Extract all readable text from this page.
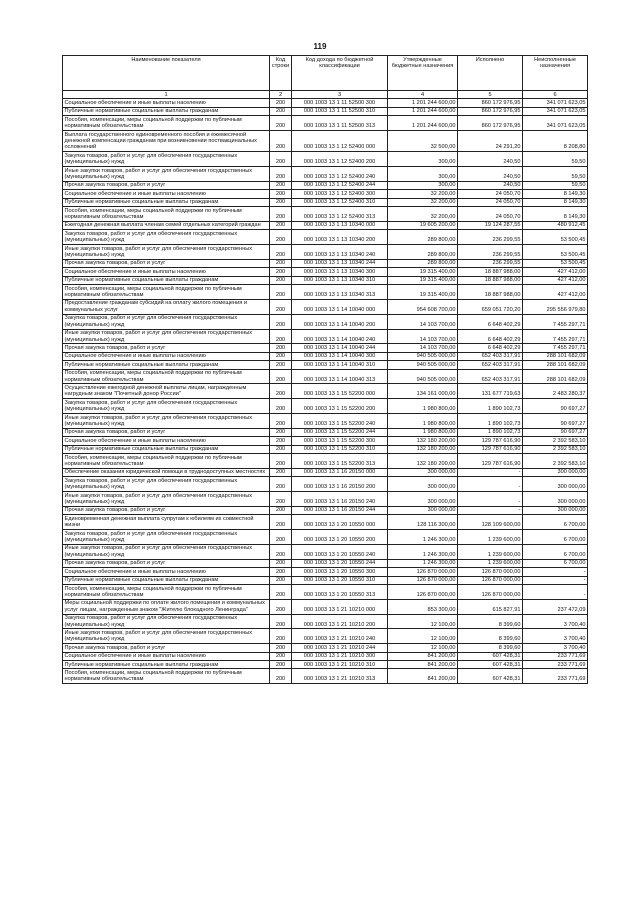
119
Наименование показателя	Код строки	Код дохода по бюджетной классификации	Утвержденные бюджетные назначения	Исполнено	Неисполненные назначения
1	2	3	4	5	6
Социальное обеспечение и иные выплаты населению	200	000 1003 13 1 11 52500 300	1 201 244 600,00	860 172 976,95	341 071 623,05
Публичные нормативные социальные выплаты гражданам	200	000 1003 13 1 11 52500 310	1 201 244 600,00	860 172 976,95	341 071 623,05
Пособия, компенсации, меры социальной поддержки по публичным нормативным обязательствам	200	000 1003 13 1 11 52500 313	1 201 244 600,00	860 172 976,95	341 071 623,05
Выплата государственного единовременного пособия и ежемесячной денежной компенсации гражданам при возникновении поствакцинальных осложнений	200	000 1003 13 1 12 52400 000	32 500,00	24 291,20	8 208,80
Закупка товаров, работ и услуг для обеспечения государственных (муниципальных) нужд	200	000 1003 13 1 12 52400 200	300,00	240,50	59,50
Иные закупки товаров, работ и услуг для обеспечения государственных (муниципальных) нужд	200	000 1003 13 1 12 52400 240	300,00	240,50	59,50
Прочая закупка товаров, работ и услуг	200	000 1003 13 1 12 52400 244	300,00	240,50	59,50
Социальное обеспечение и иные выплаты населению	200	000 1003 13 1 12 52400 300	32 200,00	24 050,70	8 149,30
Публичные нормативные социальные выплаты гражданам	200	000 1003 13 1 12 52400 310	32 200,00	24 050,70	8 149,30
Пособия, компенсации, меры социальной поддержки по публичным нормативным обязательствам	200	000 1003 13 1 12 52400 313	32 200,00	24 050,70	8 149,30
Ежегодная денежная выплата членам семей отдельных категорий граждан	200	000 1003 13 1 13 10340 000	19 605 200,00	19 124 287,55	480 912,45
Закупка товаров, работ и услуг для обеспечения государственных (муниципальных) нужд	200	000 1003 13 1 13 10340 200	289 800,00	236 299,55	53 500,45
Иные закупки товаров, работ и услуг для обеспечения государственных (муниципальных) нужд	200	000 1003 13 1 13 10340 240	289 800,00	236 299,55	53 500,45
Прочая закупка товаров, работ и услуг	200	000 1003 13 1 13 10340 244	289 800,00	236 299,55	53 500,45
Социальное обеспечение и иные выплаты населению	200	000 1003 13 1 13 10340 300	19 315 400,00	18 887 988,00	427 412,00
Публичные нормативные социальные выплаты гражданам	200	000 1003 13 1 13 10340 310	19 315 400,00	18 887 988,00	427 412,00
Пособия, компенсации, меры социальной поддержки по публичным нормативным обязательствам	200	000 1003 13 1 13 10340 313	19 315 400,00	18 887 988,00	427 412,00
Предоставление гражданам субсидий на оплату жилого помещения и коммунальных услуг	200	000 1003 13 1 14 10040 000	954 608 700,00	659 051 720,20	295 556 979,80
Закупка товаров, работ и услуг для обеспечения государственных (муниципальных) нужд	200	000 1003 13 1 14 10040 200	14 103 700,00	6 648 402,29	7 455 297,71
Иные закупки товаров, работ и услуг для обеспечения государственных (муниципальных) нужд	200	000 1003 13 1 14 10040 240	14 103 700,00	6 648 402,29	7 455 297,71
Прочая закупка товаров, работ и услуг	200	000 1003 13 1 14 10040 244	14 103 700,00	6 648 402,29	7 455 297,71
Социальное обеспечение и иные выплаты населению	200	000 1003 13 1 14 10040 300	940 505 000,00	652 403 317,91	288 101 682,09
Публичные нормативные социальные выплаты гражданам	200	000 1003 13 1 14 10040 310	940 505 000,00	652 403 317,91	288 101 682,09
Пособия, компенсации, меры социальной поддержки по публичным нормативным обязательствам	200	000 1003 13 1 14 10040 313	940 505 000,00	652 403 317,91	288 101 682,09
Осуществление ежегодной денежной выплаты лицам, награжденным нагрудным знаком "Почетный донор России"	200	000 1003 13 1 15 52200 000	134 161 000,00	131 677 719,63	2 483 280,37
Закупка товаров, работ и услуг для обеспечения государственных (муниципальных) нужд	200	000 1003 13 1 15 52200 200	1 980 800,00	1 890 102,73	90 697,27
Иные закупки товаров, работ и услуг для обеспечения государственных (муниципальных) нужд	200	000 1003 13 1 15 52200 240	1 980 800,00	1 890 102,73	90 697,27
Прочая закупка товаров, работ и услуг	200	000 1003 13 1 15 52200 244	1 980 800,00	1 890 102,73	90 697,27
Социальное обеспечение и иные выплаты населению	200	000 1003 13 1 15 52200 300	132 180 200,00	129 787 616,90	2 392 583,10
Публичные нормативные социальные выплаты гражданам	200	000 1003 13 1 15 52200 310	132 180 200,00	129 787 616,90	2 392 583,10
Пособия, компенсации, меры социальной поддержки по публичным нормативным обязательствам	200	000 1003 13 1 15 52200 313	132 180 200,00	129 787 616,90	2 392 583,10
Обеспечение оказания юридической помощи в труднодоступных местностях	200	000 1003 13 1 16 20150 000	300 000,00	-	300 000,00
Закупка товаров, работ и услуг для обеспечения государственных (муниципальных) нужд	200	000 1003 13 1 16 20150 200	300 000,00	-	300 000,00
Иные закупки товаров, работ и услуг для обеспечения государственных (муниципальных) нужд	200	000 1003 13 1 16 20150 240	300 000,00	-	300 000,00
Прочая закупка товаров, работ и услуг	200	000 1003 13 1 16 20150 244	300 000,00	-	300 000,00
Единовременная денежная выплата супругам к юбилеям их совместной жизни	200	000 1003 13 1 20 10550 000	128 116 300,00	128 109 600,00	6 700,00
Закупка товаров, работ и услуг для обеспечения государственных (муниципальных) нужд	200	000 1003 13 1 20 10550 200	1 246 300,00	1 239 600,00	6 700,00
Иные закупки товаров, работ и услуг для обеспечения государственных (муниципальных) нужд	200	000 1003 13 1 20 10550 240	1 246 300,00	1 239 600,00	6 700,00
Прочая закупка товаров, работ и услуг	200	000 1003 13 1 20 10550 244	1 246 300,00	1 239 600,00	6 700,00
Социальное обеспечение и иные выплаты населению	200	000 1003 13 1 20 10550 300	126 870 000,00	126 870 000,00	-
Публичные нормативные социальные выплаты гражданам	200	000 1003 13 1 20 10550 310	126 870 000,00	126 870 000,00	-
Пособия, компенсации, меры социальной поддержки по публичным нормативным обязательствам	200	000 1003 13 1 20 10550 313	126 870 000,00	126 870 000,00	-
Меры социальной поддержки по оплате жилого помещения и коммунальных услуг лицам, награжденным знаком "Жителю блокадного Ленинграда"	200	000 1003 13 1 21 10210 000	853 300,00	615 827,91	237 472,09
Закупка товаров, работ и услуг для обеспечения государственных (муниципальных) нужд	200	000 1003 13 1 21 10210 200	12 100,00	8 399,60	3 700,40
Иные закупки товаров, работ и услуг для обеспечения государственных (муниципальных) нужд	200	000 1003 13 1 21 10210 240	12 100,00	8 399,60	3 700,40
Прочая закупка товаров, работ и услуг	200	000 1003 13 1 21 10210 244	12 100,00	8 399,60	3 700,40
Социальное обеспечение и иные выплаты населению	200	000 1003 13 1 21 10210 300	841 200,00	607 428,31	233 771,69
Публичные нормативные социальные выплаты гражданам	200	000 1003 13 1 21 10210 310	841 200,00	607 428,31	233 771,69
Пособия, компенсации, меры социальной поддержки по публичным нормативным обязательствам	200	000 1003 13 1 21 10210 313	841 200,00	607 428,31	233 771,69
